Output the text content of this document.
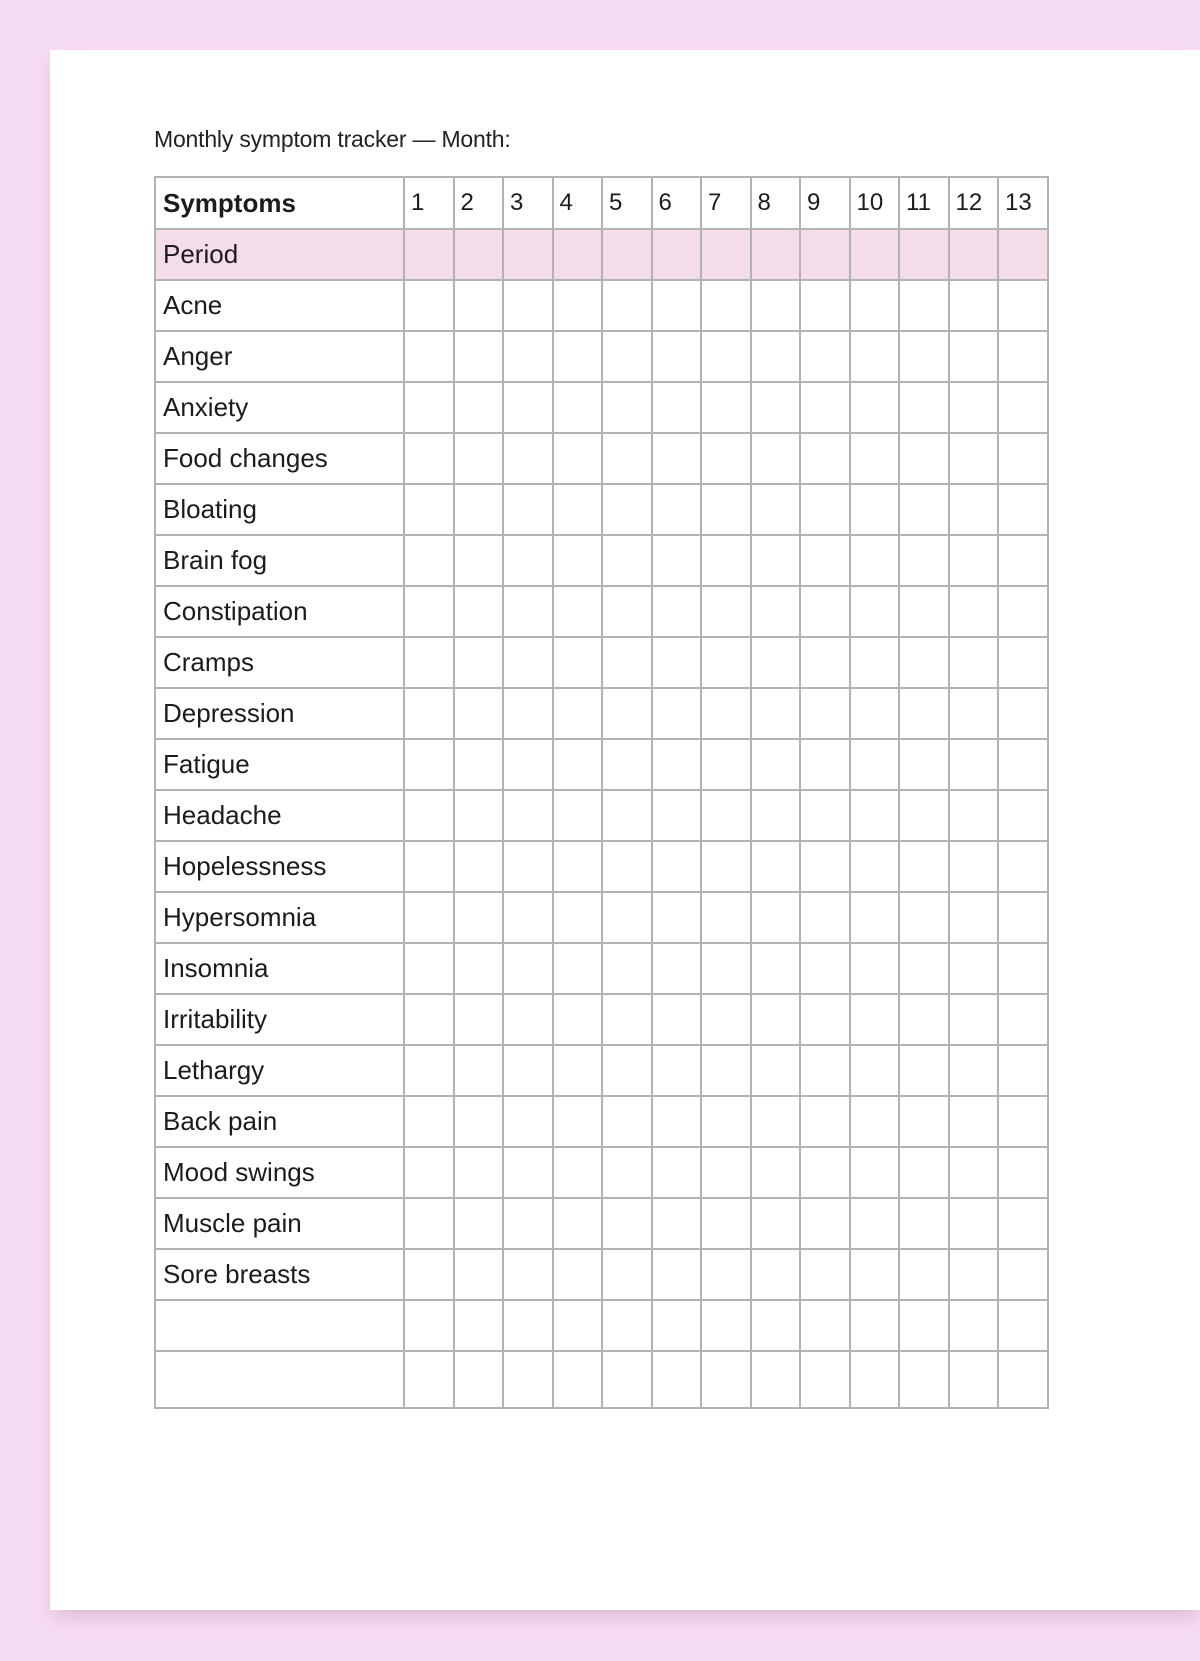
Monthly symptom tracker — Month:
Symptoms	1	2	3	4	5	6	7	8	9	10	11	12	13
Period													
Acne													
Anger													
Anxiety													
Food changes													
Bloating													
Brain fog													
Constipation													
Cramps													
Depression													
Fatigue													
Headache													
Hopelessness													
Hypersomnia													
Insomnia													
Irritability													
Lethargy													
Back pain													
Mood swings													
Muscle pain													
Sore breasts													
